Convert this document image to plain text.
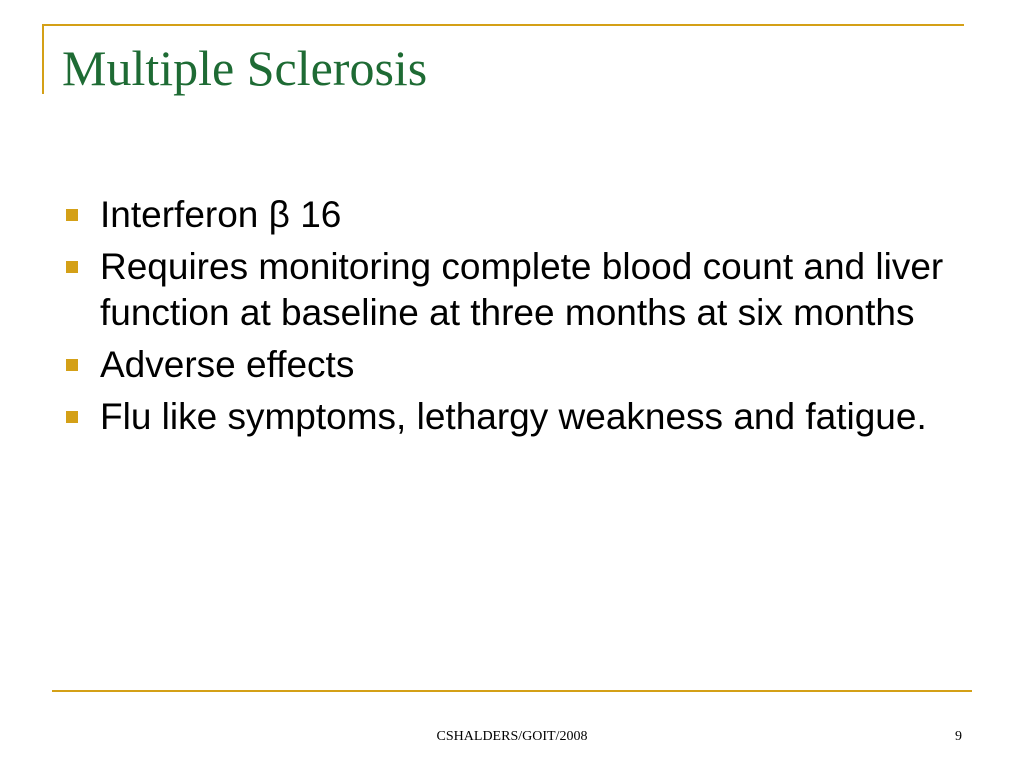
Multiple Sclerosis
Interferon β 16
Requires monitoring complete blood count and liver function at baseline at three months at six months
Adverse effects
Flu like symptoms, lethargy weakness and fatigue.
CSHALDERS/GOIT/2008	9
